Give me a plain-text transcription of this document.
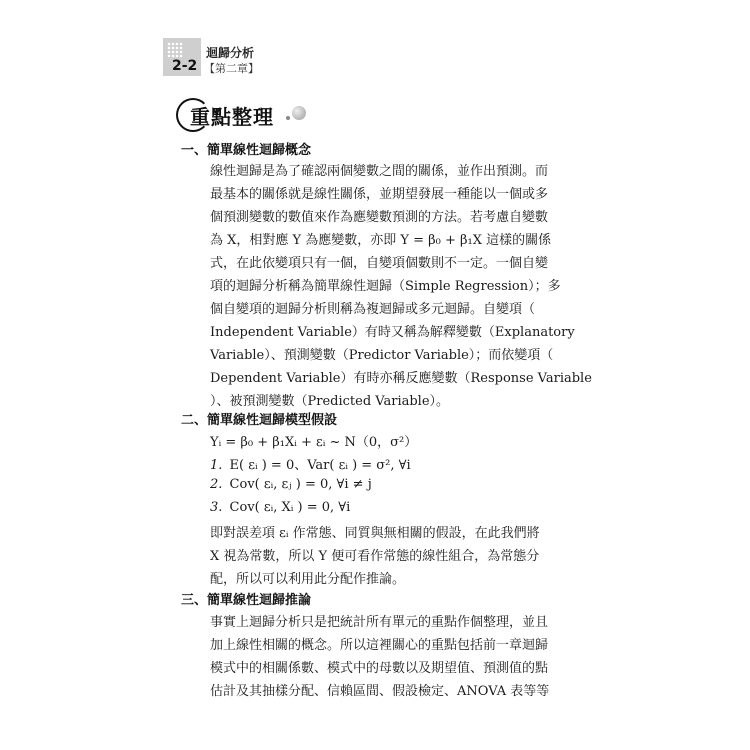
2-2
迴歸分析
【第二章】
重點整理
一、簡單線性迴歸概念
線性迴歸是為了確認兩個變數之間的關係，並作出預測。而
最基本的關係就是線性關係，並期望發展一種能以一個或多
個預測變數的數值來作為應變數預測的方法。若考慮自變數
為 X，相對應 Y 為應變數，亦即 Y = β₀ + β₁X 這樣的關係
式，在此依變項只有一個，自變項個數則不一定。一個自變
項的迴歸分析稱為簡單線性迴歸（Simple Regression）；多
個自變項的迴歸分析則稱為複迴歸或多元迴歸。自變項（
Independent Variable）有時又稱為解釋變數（Explanatory
Variable）、預測變數（Predictor Variable）；而依變項（
Dependent Variable）有時亦稱反應變數（Response Variable
）、被預測變數（Predicted Variable）。
二、簡單線性迴歸模型假設
Yᵢ = β₀ + β₁Xᵢ + εᵢ ~ N（0，σ²）
1. E( εᵢ ) = 0、Var( εᵢ ) = σ², ∀i
2. Cov( εᵢ, εⱼ ) = 0, ∀i ≠ j
3. Cov( εᵢ, Xᵢ ) = 0, ∀i
即對誤差項 εᵢ 作常態、同質與無相關的假設，在此我們將
X 視為常數，所以 Y 便可看作常態的線性組合，為常態分
配，所以可以利用此分配作推論。
三、簡單線性迴歸推論
事實上迴歸分析只是把統計所有單元的重點作個整理，並且
加上線性相關的概念。所以這裡關心的重點包括前一章迴歸
模式中的相關係數、模式中的母數以及期望值、預測值的點
估計及其抽樣分配、信賴區間、假設檢定、ANOVA 表等等
